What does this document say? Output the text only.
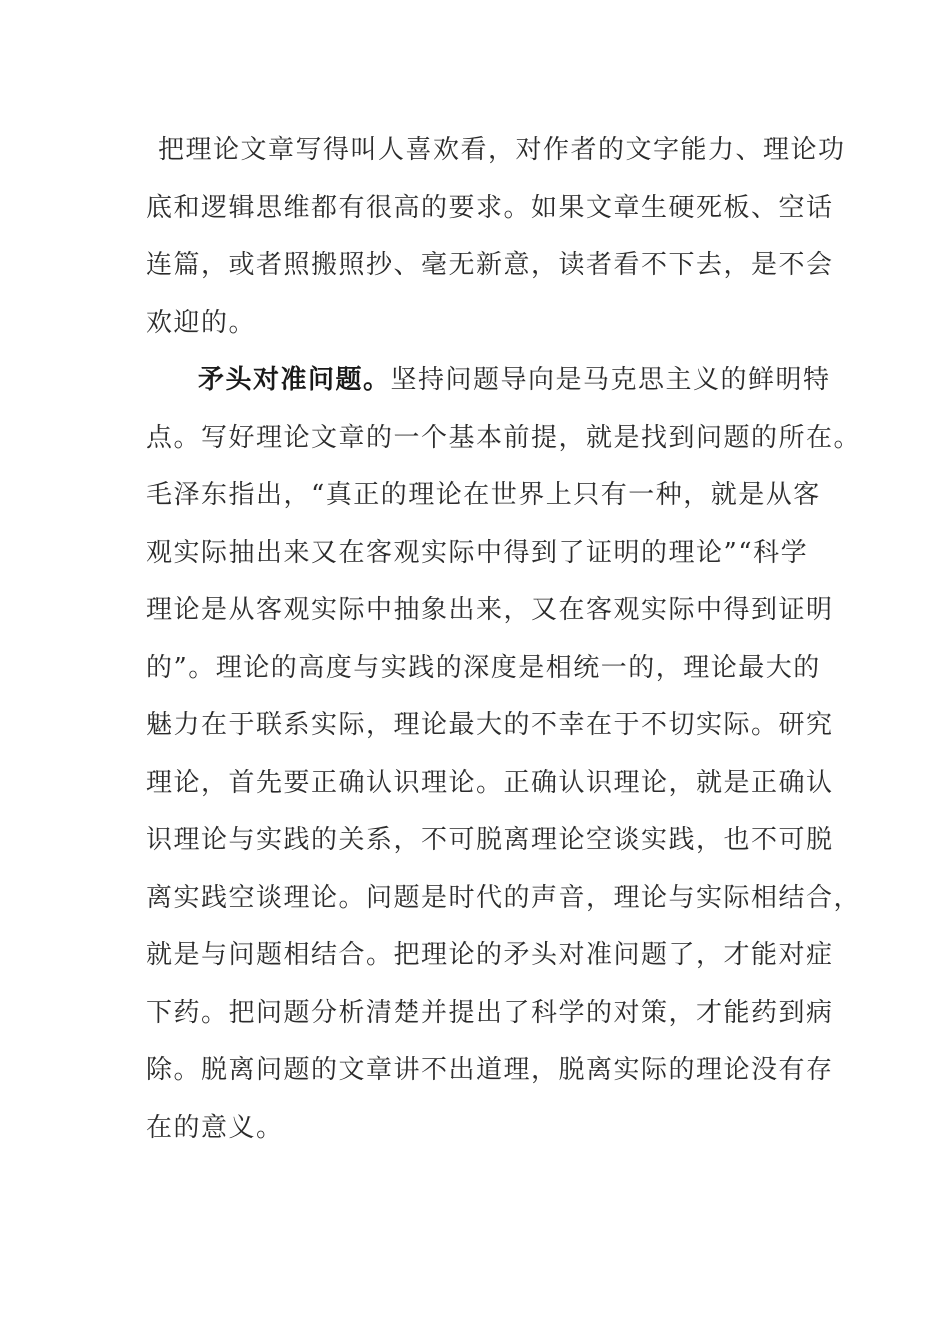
把理论文章写得叫人喜欢看，对作者的文字能力、理论功
底和逻辑思维都有很高的要求。如果文章生硬死板、空话
连篇，或者照搬照抄、毫无新意，读者看不下去，是不会
欢迎的。
矛头对准问题。坚持问题导向是马克思主义的鲜明特
点。写好理论文章的一个基本前提，就是找到问题的所在。
毛泽东指出，“真正的理论在世界上只有一种，就是从客
观实际抽出来又在客观实际中得到了证明的理论”“科学
理论是从客观实际中抽象出来，又在客观实际中得到证明
的”。理论的高度与实践的深度是相统一的，理论最大的
魅力在于联系实际，理论最大的不幸在于不切实际。研究
理论，首先要正确认识理论。正确认识理论，就是正确认
识理论与实践的关系，不可脱离理论空谈实践，也不可脱
离实践空谈理论。问题是时代的声音，理论与实际相结合，
就是与问题相结合。把理论的矛头对准问题了，才能对症
下药。把问题分析清楚并提出了科学的对策，才能药到病
除。脱离问题的文章讲不出道理，脱离实际的理论没有存
在的意义。
